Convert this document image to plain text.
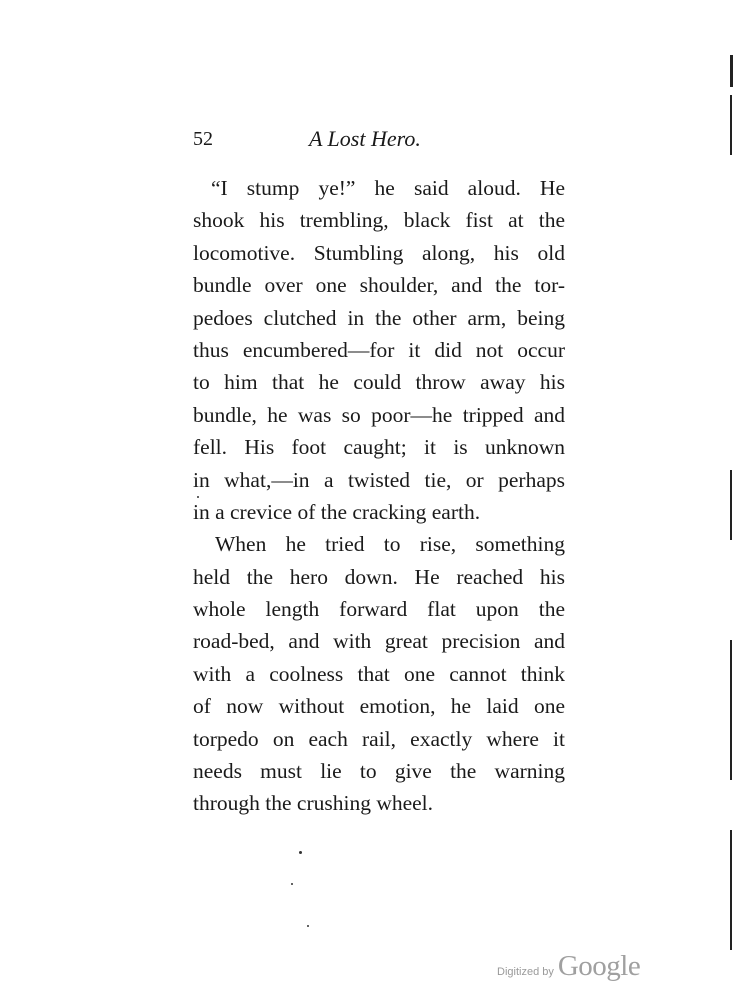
52	A Lost Hero.
“I stump ye!” he said aloud. He
shook his trembling, black fist at the
locomotive. Stumbling along, his old
bundle over one shoulder, and the tor-
pedoes clutched in the other arm, being
thus encumbered—for it did not occur
to him that he could throw away his
bundle, he was so poor—he tripped and
fell. His foot caught; it is unknown
in what,—in a twisted tie, or perhaps
in a crevice of the cracking earth.
When he tried to rise, something
held the hero down. He reached his
whole length forward flat upon the
road-bed, and with great precision and
with a coolness that one cannot think
of now without emotion, he laid one
torpedo on each rail, exactly where it
needs must lie to give the warning
through the crushing wheel.
Digitized by Google
